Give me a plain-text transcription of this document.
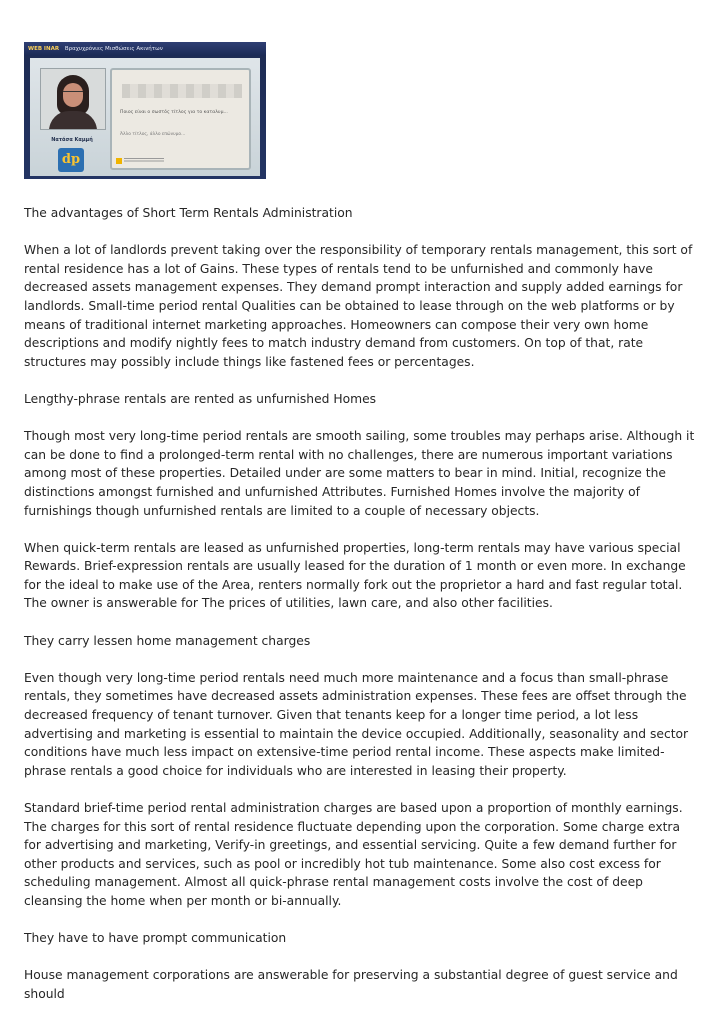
WEB INAR Βραχυχρόνιες Μισθώσεις Ακινήτων
Νατάσα Καμμή
dp
Ποιος είναι ο σωστός τίτλος για το καταλυμ...
Άλλο τίτλος, άλλο επώνυμο...

The advantages of Short Term Rentals Administration

When a lot of landlords prevent taking over the responsibility of temporary rentals management, this sort of rental residence has a lot of Gains. These types of rentals tend to be unfurnished and commonly have decreased assets management expenses. They demand prompt interaction and supply added earnings for landlords. Small-time period rental Qualities can be obtained to lease through on the web platforms or by means of traditional internet marketing approaches. Homeowners can compose their very own home descriptions and modify nightly fees to match industry demand from customers. On top of that, rate structures may possibly include things like fastened fees or percentages.

Lengthy-phrase rentals are rented as unfurnished Homes

Though most very long-time period rentals are smooth sailing, some troubles may perhaps arise. Although it can be done to find a prolonged-term rental with no challenges, there are numerous important variations among most of these properties. Detailed under are some matters to bear in mind. Initial, recognize the distinctions amongst furnished and unfurnished Attributes. Furnished Homes involve the majority of furnishings though unfurnished rentals are limited to a couple of necessary objects.

When quick-term rentals are leased as unfurnished properties, long-term rentals may have various special Rewards. Brief-expression rentals are usually leased for the duration of 1 month or even more. In exchange for the ideal to make use of the Area, renters normally fork out the proprietor a hard and fast regular total. The owner is answerable for The prices of utilities, lawn care, and also other facilities.

They carry lessen home management charges

Even though very long-time period rentals need much more maintenance and a focus than small-phrase rentals, they sometimes have decreased assets administration expenses. These fees are offset through the decreased frequency of tenant turnover. Given that tenants keep for a longer time period, a lot less advertising and marketing is essential to maintain the device occupied. Additionally, seasonality and sector conditions have much less impact on extensive-time period rental income. These aspects make limited-phrase rentals a good choice for individuals who are interested in leasing their property.

Standard brief-time period rental administration charges are based upon a proportion of monthly earnings. The charges for this sort of rental residence fluctuate depending upon the corporation. Some charge extra for advertising and marketing, Verify-in greetings, and essential servicing. Quite a few demand further for other products and services, such as pool or incredibly hot tub maintenance. Some also cost excess for scheduling management. Almost all quick-phrase rental management costs involve the cost of deep cleansing the home when per month or bi-annually.

They have to have prompt communication

House management corporations are answerable for preserving a substantial degree of guest service and should
